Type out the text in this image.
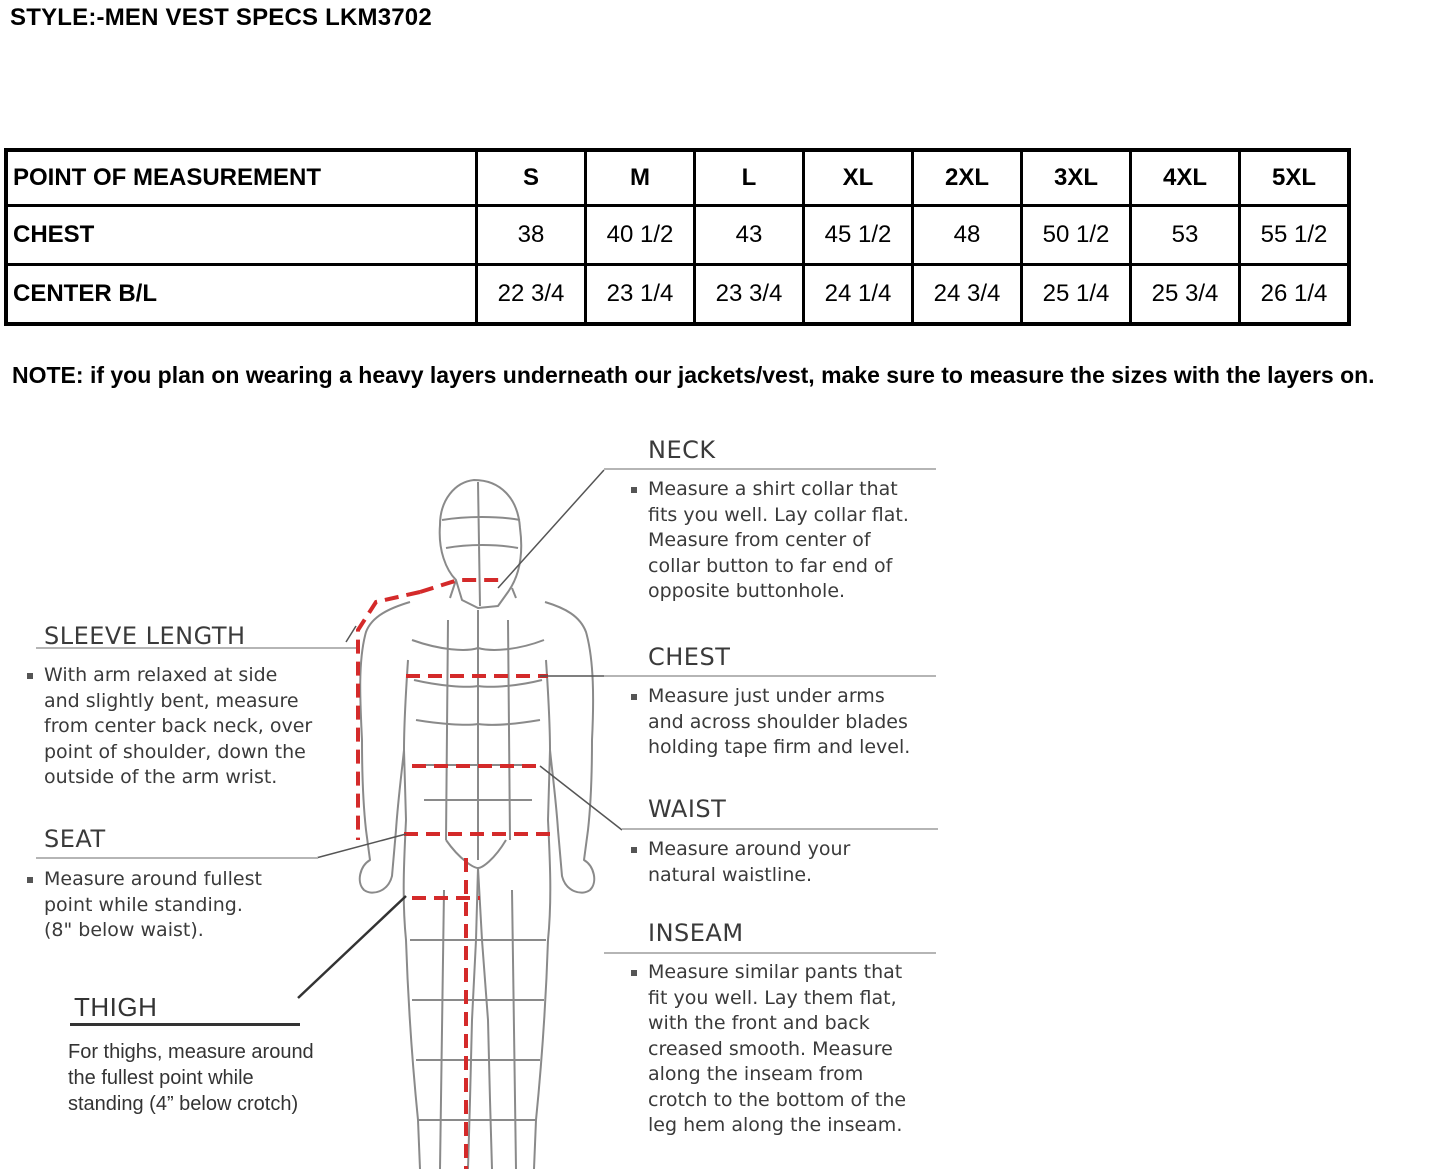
STYLE:-MEN VEST SPECS LKM3702
POINT OF MEASUREMENT	S	M	L	XL	2XL	3XL	4XL	5XL
CHEST	38	40 1/2	43	45 1/2	48	50 1/2	53	55 1/2
CENTER B/L	22 3/4	23 1/4	23 3/4	24 1/4	24 3/4	25 1/4	25 3/4	26 1/4
NOTE: if you plan on wearing a heavy layers underneath our jackets/vest, make sure to measure the sizes with the layers on.
NECK
Measure a shirt collar that
fits you well. Lay collar flat.
Measure from center of
collar button to far end of
opposite buttonhole.
CHEST
Measure just under arms
and across shoulder blades
holding tape firm and level.
WAIST
Measure around your
natural waistline.
INSEAM
Measure similar pants that
fit you well. Lay them flat,
with the front and back
creased smooth. Measure
along the inseam from
crotch to the bottom of the
leg hem along the inseam.
SLEEVE LENGTH
With arm relaxed at side
and slightly bent, measure
from center back neck, over
point of shoulder, down the
outside of the arm wrist.
SEAT
Measure around fullest
point while standing.
(8" below waist).
THIGH
For thighs, measure around
the fullest point while
standing (4” below crotch)
